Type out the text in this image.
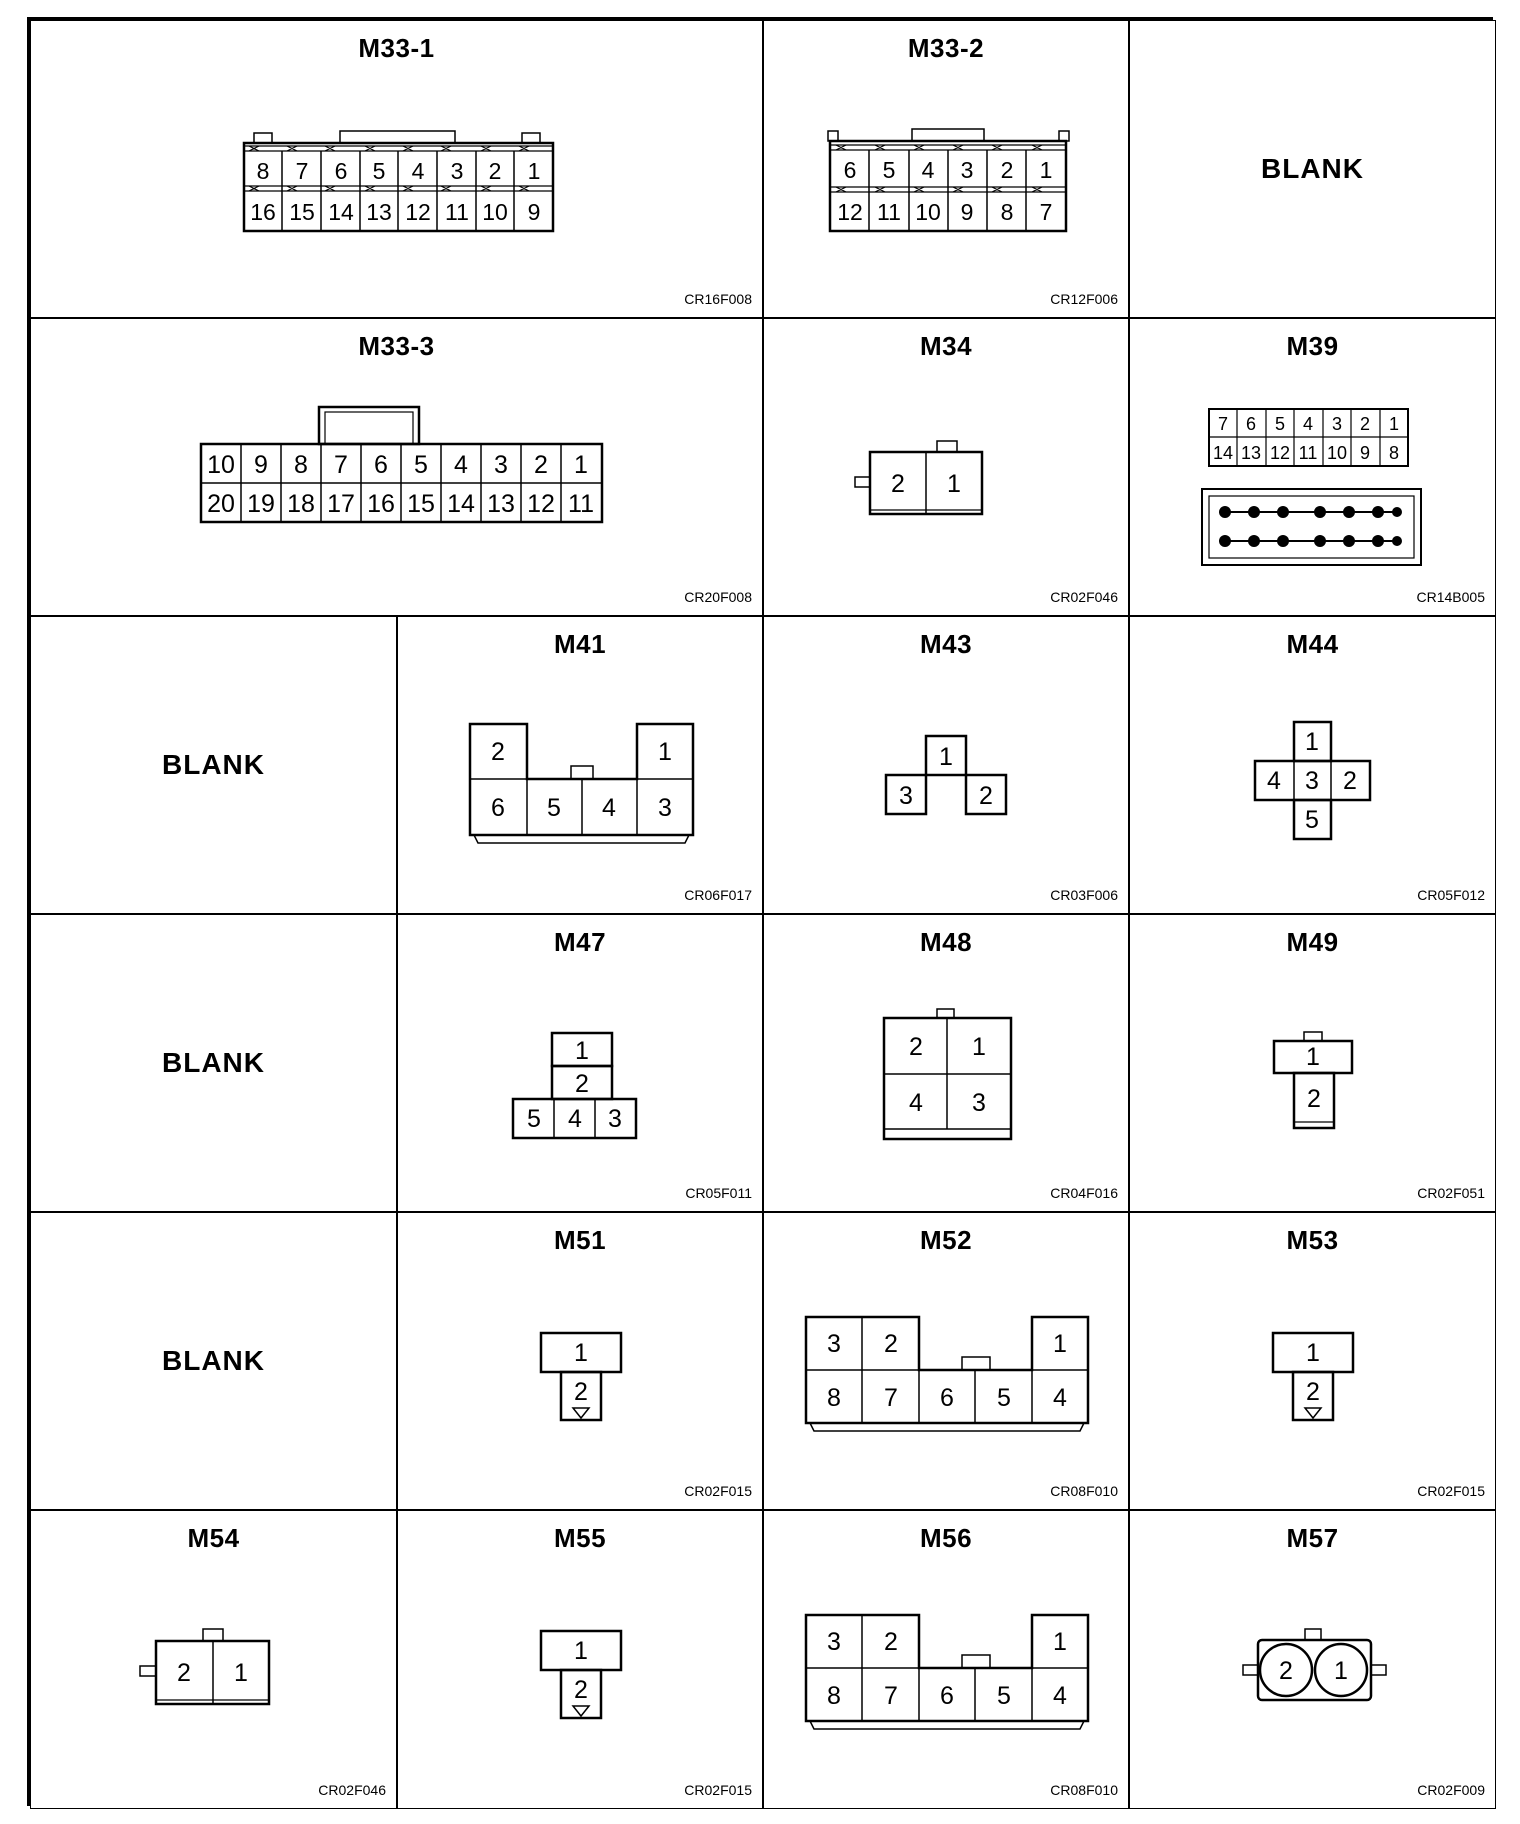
M33-1
8 7 6 5 4 3 2 1
16 15 14 13 12 11 10 9
CR16F008
M33-2
6 5 4 3 2 1
12 11 10 9 8 7
CR12F006
BLANK
M33-3
10 9 8 7 6 5 4 3 2 1
20 19 18 17 16 15 14 13 12 11
CR20F008
M34
2 1
CR02F046
M39
7 6 5 4 3 2 1
14 13 12 11 10 9 8
CR14B005
BLANK
M41
2	1
6 5 4 3
CR06F017
M43
1
3	2
CR03F006
M44
1
4 3 2
5
CR05F012
BLANK
M47
1
2
5 4 3
CR05F011
M48
2 1
4 3
CR04F016
M49
1
2
CR02F051
BLANK
M51
1
2
CR02F015
M52
3 2	1
8 7 6 5 4
CR08F010
M53
1
2
CR02F015
M54
2 1
CR02F046
M55
1
2
CR02F015
M56
3 2	1
8 7 6 5 4
CR08F010
M57
2 1
CR02F009
